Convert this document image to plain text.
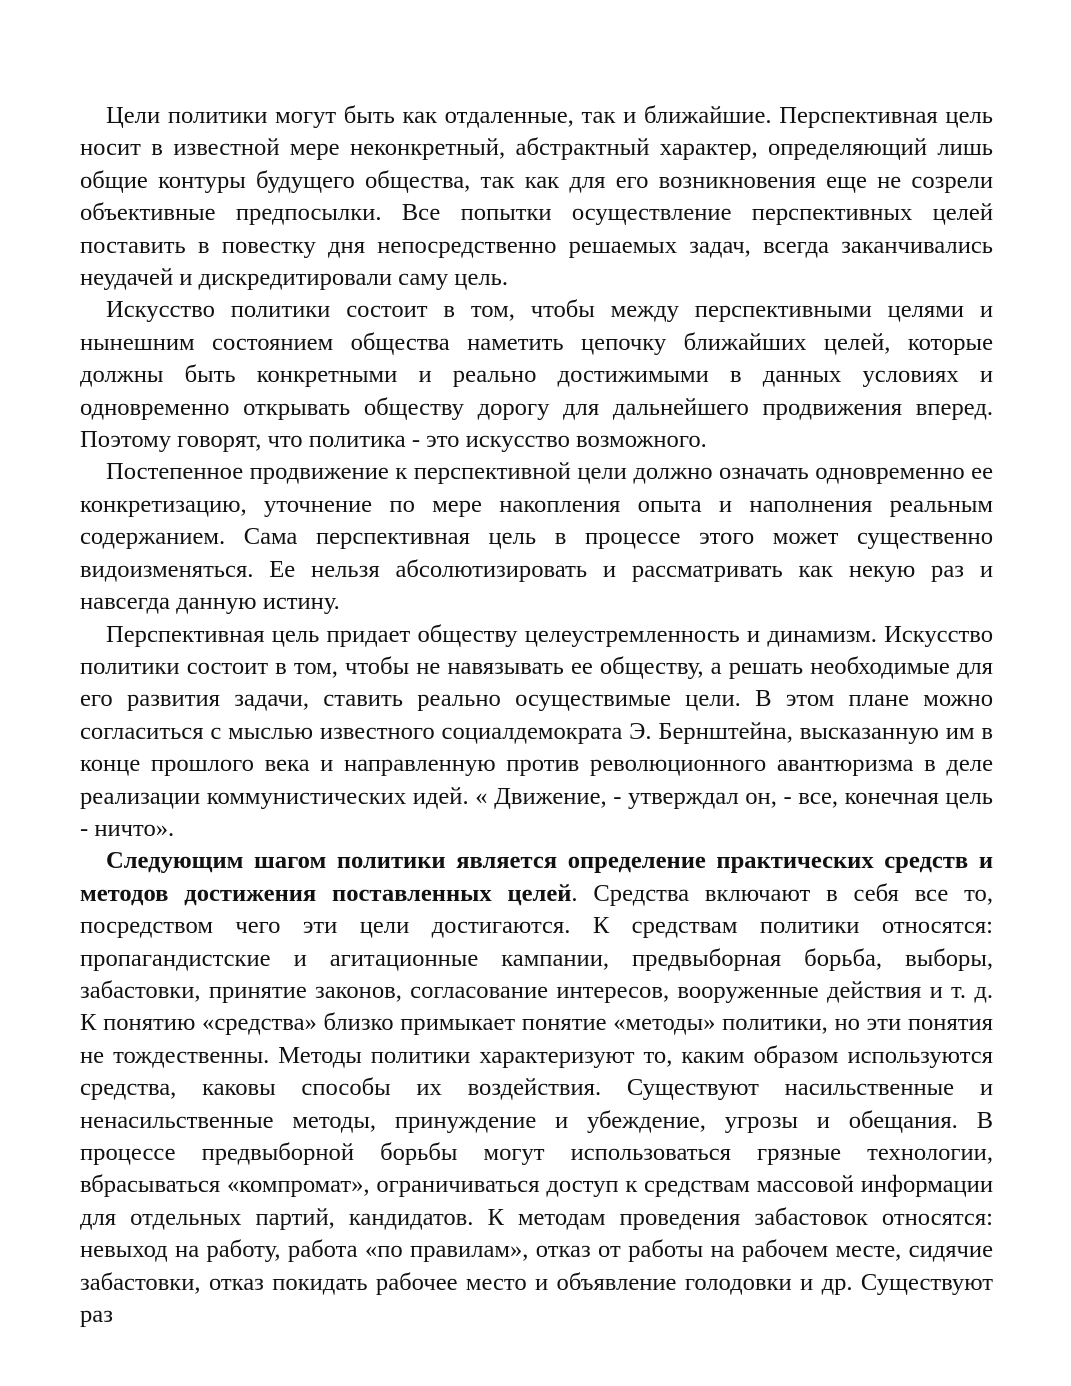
Цели политики могут быть как отдаленные, так и ближайшие. Перспективная цель носит в известной мере неконкретный, абстрактный характер, определяющий лишь общие контуры будущего общества, так как для его возникновения еще не созрели объективные предпосылки. Все попытки осуществление перспективных целей поставить в повестку дня непосредственно решаемых задач, всегда заканчивались неудачей и дискредитировали саму цель.

Искусство политики состоит в том, чтобы между перспективными целями и нынешним состоянием общества наметить цепочку ближайших целей, которые должны быть конкретными и реально достижимыми в данных условиях и одновременно открывать обществу дорогу для дальнейшего продвижения вперед. Поэтому говорят, что политика - это искусство возможного.

Постепенное продвижение к перспективной цели должно означать одновременно ее конкретизацию, уточнение по мере накопления опыта и наполнения реальным содержанием. Сама перспективная цель в процессе этого может существенно видоизменяться. Ее нельзя абсолютизировать и рассматривать как некую раз и навсегда данную истину.

Перспективная цель придает обществу целеустремленность и динамизм. Искусство политики состоит в том, чтобы не навязывать ее обществу, а решать необходимые для его развития задачи, ставить реально осуществимые цели. В этом плане можно согласиться с мыслью известного социалдемократа Э. Бернштейна, высказанную им в конце прошлого века и направленную против революционного авантюризма в деле реализации коммунистических идей. « Движение, - утверждал он, - все, конечная цель - ничто».

Следующим шагом политики является определение практических средств и методов достижения поставленных целей. Средства включают в себя все то, посредством чего эти цели достигаются. К средствам политики относятся: пропагандистские и агитационные кампании, предвыборная борьба, выборы, забастовки, принятие законов, согласование интересов, вооруженные действия и т. д. К понятию «средства» близко примыкает понятие «методы» политики, но эти понятия не тождественны. Методы политики характеризуют то, каким образом используются средства, каковы способы их воздействия. Существуют насильственные и ненасильственные методы, принуждение и убеждение, угрозы и обещания. В процессе предвыборной борьбы могут использоваться грязные технологии, вбрасываться «компромат», ограничиваться доступ к средствам массовой информации для отдельных партий, кандидатов. К методам проведения забастовок относятся: невыход на работу, работа «по правилам», отказ от работы на рабочем месте, сидячие забастовки, отказ покидать рабочее место и объявление голодовки и др. Существуют раз
